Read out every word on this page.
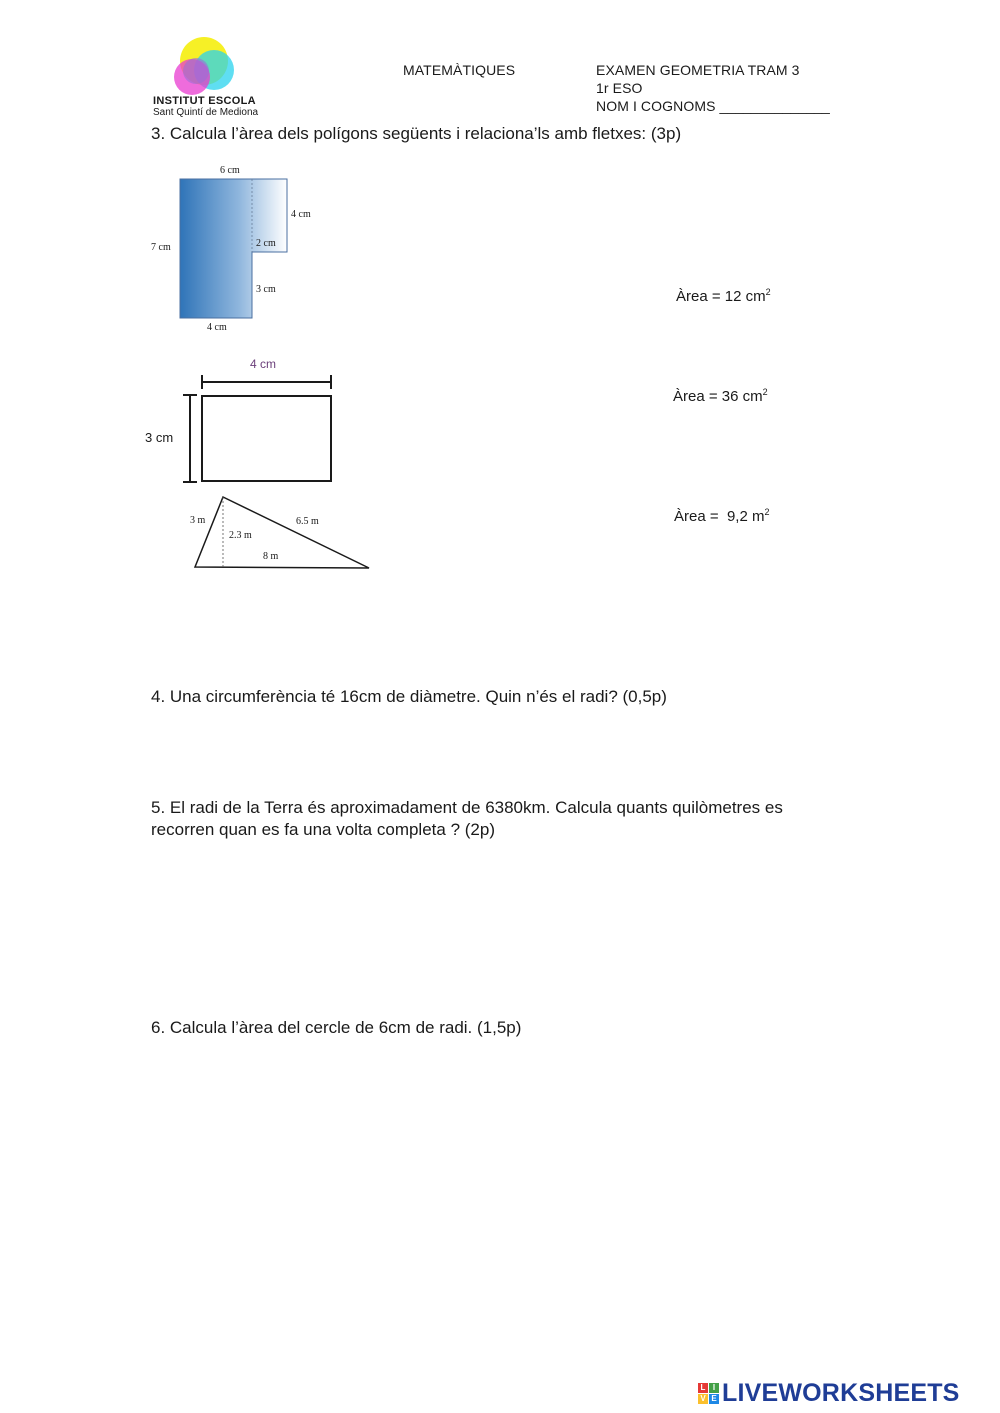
INSTITUT ESCOLA
Sant Quintí de Mediona
MATEMÀTIQUES	EXAMEN GEOMETRIA TRAM 3
1r ESO
NOM I COGNOMS ______________
3. Calcula l’àrea dels polígons següents i relaciona’ls amb fletxes: (3p)
6 cm
4 cm
7 cm	2 cm
3 cm
4 cm
4 cm
3 cm
3 m
2.3 m
6.5 m
8 m
Àrea = 12 $cm^2$
Àrea = 36 $cm^2$
Àrea =  9,2 $m^2$
4. Una circumferència té 16cm de diàmetre. Quin n’és el radi? (0,5p)
5. El radi de la Terra és aproximadament de 6380km. Calcula quants quilòmetres es
recorren quan es fa una volta completa ? (2p)
6. Calcula l’àrea del cercle de 6cm de radi. (1,5p)
L I
V E LIVEWORKSHEETS
